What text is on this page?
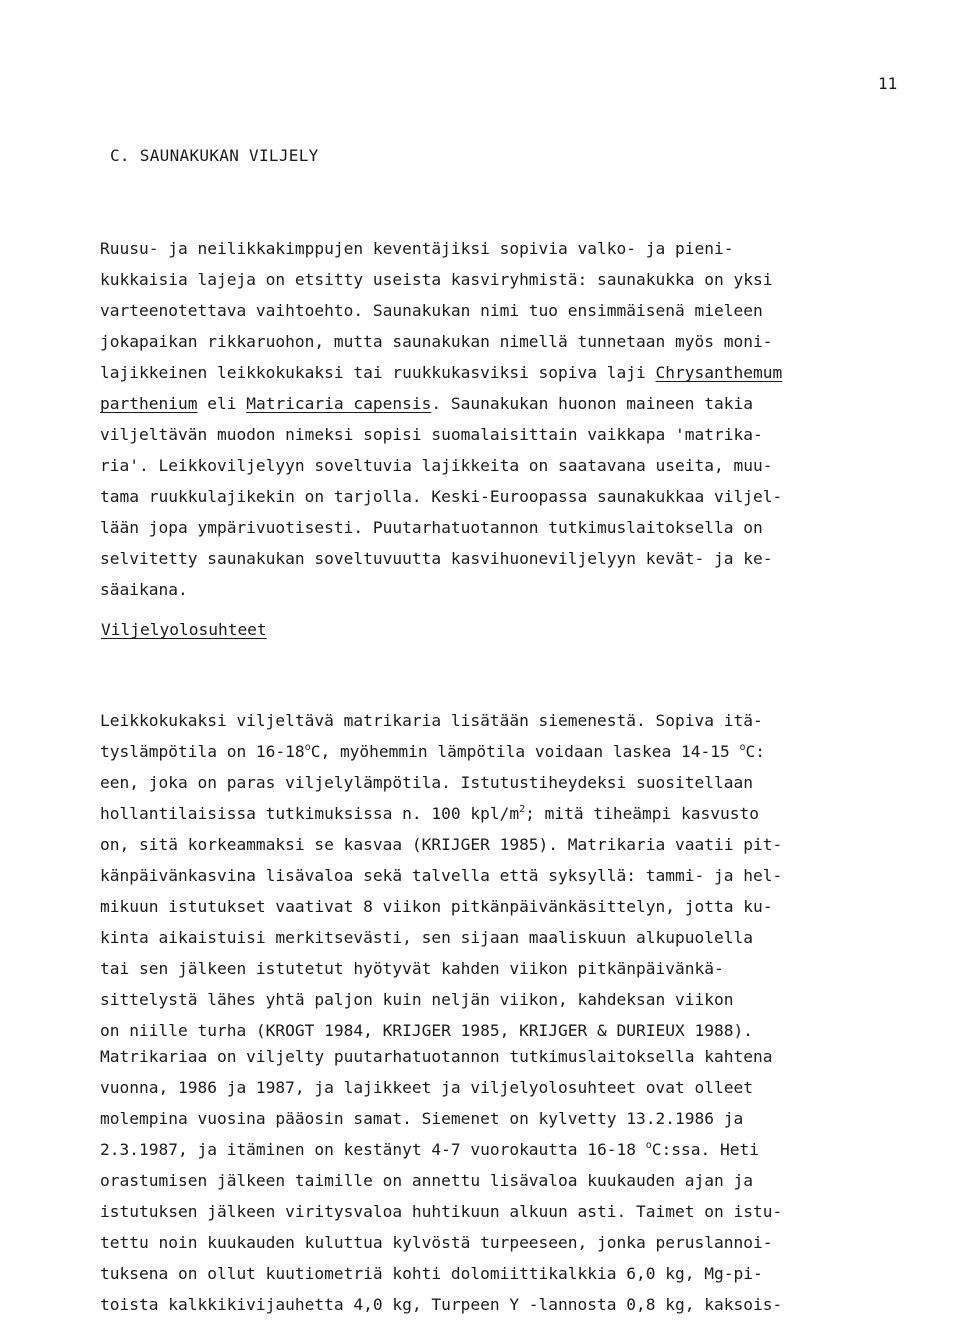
11
C. SAUNAKUKAN VILJELY
Ruusu- ja neilikkakimppujen keventäjiksi sopivia valko- ja pieni-
kukkaisia lajeja on etsitty useista kasviryhmistä: saunakukka on yksi
varteenotettava vaihtoehto. Saunakukan nimi tuo ensimmäisenä mieleen
jokapaikan rikkaruohon, mutta saunakukan nimellä tunnetaan myös moni-
lajikkeinen leikkokukaksi tai ruukkukasviksi sopiva laji Chrysanthemum
parthenium eli Matricaria capensis. Saunakukan huonon maineen takia
viljeltävän muodon nimeksi sopisi suomalaisittain vaikkapa 'matrika-
ria'. Leikkoviljelyyn soveltuvia lajikkeita on saatavana useita, muu-
tama ruukkulajikekin on tarjolla. Keski-Euroopassa saunakukkaa viljel-
lään jopa ympärivuotisesti. Puutarhatuotannon tutkimuslaitoksella on
selvitetty saunakukan soveltuvuutta kasvihuoneviljelyyn kevät- ja ke-
säaikana.
Viljelyolosuhteet
Leikkokukaksi viljeltävä matrikaria lisätään siemenestä. Sopiva itä-
tyslämpötila on 16-18$^o$C, myöhemmin lämpötila voidaan laskea 14-15 $^o$C:
een, joka on paras viljelylämpötila. Istutustiheydeksi suositellaan
hollantilaisissa tutkimuksissa n. 100 kpl/$m^2$; mitä tiheämpi kasvusto
on, sitä korkeammaksi se kasvaa (KRIJGER 1985). Matrikaria vaatii pit-
känpäivänkasvina lisävaloa sekä talvella että syksyllä: tammi- ja hel-
mikuun istutukset vaativat 8 viikon pitkänpäivänkäsittelyn, jotta ku-
kinta aikaistuisi merkitsevästi, sen sijaan maaliskuun alkupuolella
tai sen jälkeen istutetut hyötyvät kahden viikon pitkänpäivänkä-
sittelystä lähes yhtä paljon kuin neljän viikon, kahdeksan viikon
on niille turha (KROGT 1984, KRIJGER 1985, KRIJGER & DURIEUX 1988).
Matrikariaa on viljelty puutarhatuotannon tutkimuslaitoksella kahtena
vuonna, 1986 ja 1987, ja lajikkeet ja viljelyolosuhteet ovat olleet
molempina vuosina pääosin samat. Siemenet on kylvetty 13.2.1986 ja
2.3.1987, ja itäminen on kestänyt 4-7 vuorokautta 16-18 $^o$C:ssa. Heti
orastumisen jälkeen taimille on annettu lisävaloa kuukauden ajan ja
istutuksen jälkeen viritysvaloa huhtikuun alkuun asti. Taimet on istu-
tettu noin kuukauden kuluttua kylvöstä turpeeseen, jonka peruslannoi-
tuksena on ollut kuutiometriä kohti dolomiittikalkkia 6,0 kg, Mg-pi-
toista kalkkikivijauhetta 4,0 kg, Turpeen Y -lannosta 0,8 kg, kaksois-
